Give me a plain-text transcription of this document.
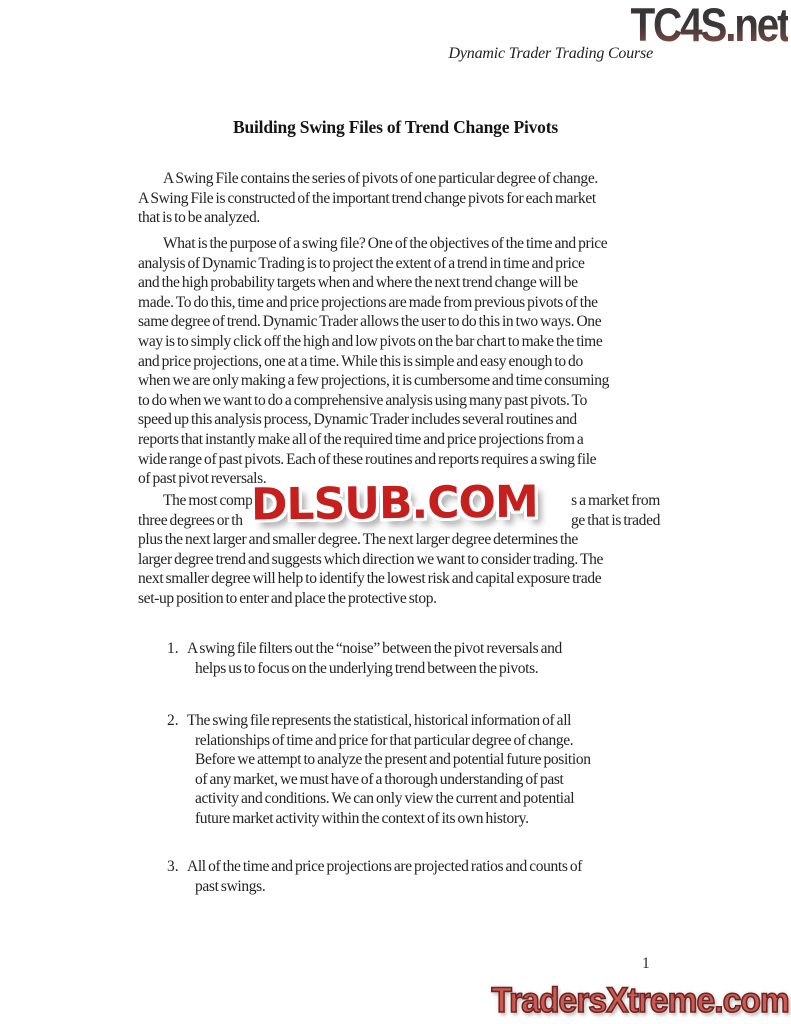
TC4S.net
Dynamic Trader Trading Course
Building Swing Files of Trend Change Pivots
A Swing File contains the series of pivots of one particular degree of change.
A Swing File is constructed of the important trend change pivots for each market
that is to be analyzed.
What is the purpose of a swing file? One of the objectives of the time and price
analysis of Dynamic Trading is to project the extent of a trend in time and price
and the high probability targets when and where the next trend change will be
made. To do this, time and price projections are made from previous pivots of the
same degree of trend. Dynamic Trader allows the user to do this in two ways. One
way is to simply click off the high and low pivots on the bar chart to make the time
and price projections, one at a time. While this is simple and easy enough to do
when we are only making a few projections, it is cumbersome and time consuming
to do when we want to do a comprehensive analysis using many past pivots. To
speed up this analysis process, Dynamic Trader includes several routines and
reports that instantly make all of the required time and price projections from a
wide range of past pivots. Each of these routines and reports requires a swing file
of past pivot reversals.
The most comp	s a market from
three degrees or th	ge that is traded
plus the next larger and smaller degree. The next larger degree determines the
larger degree trend and suggests which direction we want to consider trading. The
next smaller degree will help to identify the lowest risk and capital exposure trade
set-up position to enter and place the protective stop.
1. A swing file filters out the “noise” between the pivot reversals and
helps us to focus on the underlying trend between the pivots.
2. The swing file represents the statistical, historical information of all
relationships of time and price for that particular degree of change.
Before we attempt to analyze the present and potential future position
of any market, we must have of a thorough understanding of past
activity and conditions. We can only view the current and potential
future market activity within the context of its own history.
3. All of the time and price projections are projected ratios and counts of
past swings.
DLSUB.COM
1
TradersXtreme.com
